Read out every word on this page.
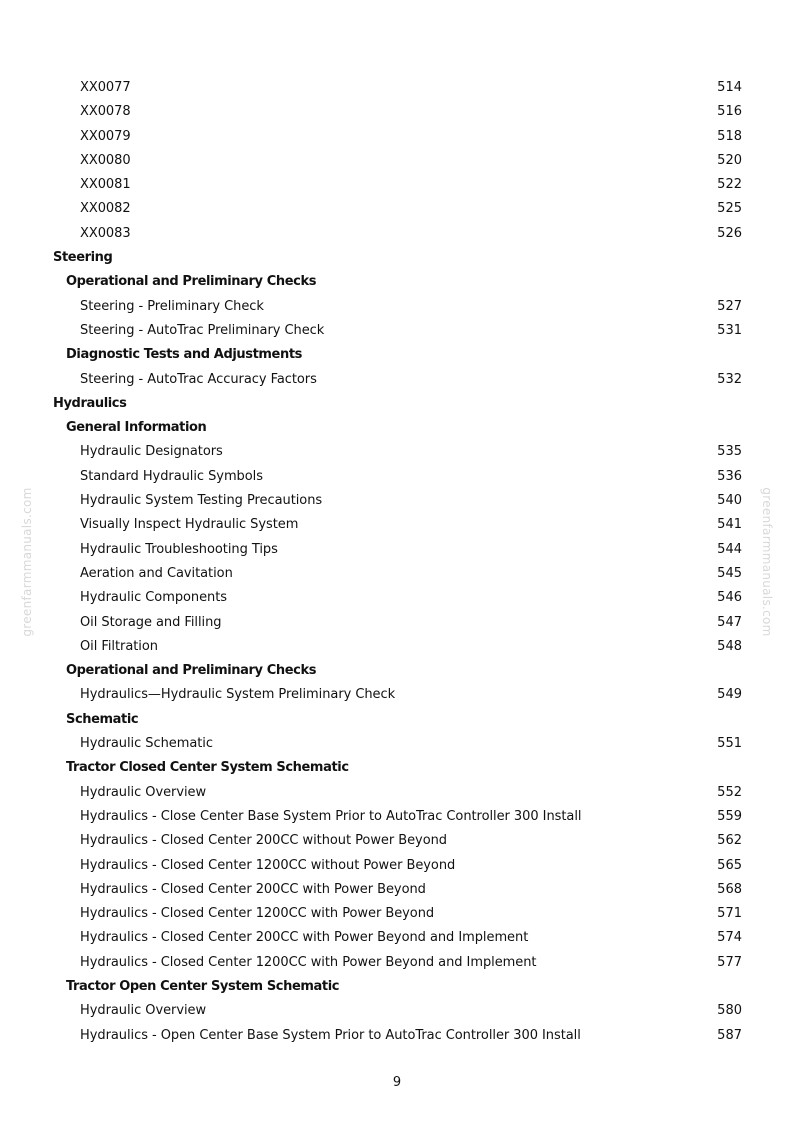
XX0077	514
XX0078	516
XX0079	518
XX0080	520
XX0081	522
XX0082	525
XX0083	526
Steering
Operational and Preliminary Checks
Steering - Preliminary Check	527
Steering - AutoTrac Preliminary Check	531
Diagnostic Tests and Adjustments
Steering - AutoTrac Accuracy Factors	532
Hydraulics
General Information
Hydraulic Designators	535
Standard Hydraulic Symbols	536
Hydraulic System Testing Precautions	540
Visually Inspect Hydraulic System	541
Hydraulic Troubleshooting Tips	544
Aeration and Cavitation	545
Hydraulic Components	546
Oil Storage and Filling	547
Oil Filtration	548
Operational and Preliminary Checks
Hydraulics—Hydraulic System Preliminary Check	549
Schematic
Hydraulic Schematic	551
Tractor Closed Center System Schematic
Hydraulic Overview	552
Hydraulics - Close Center Base System Prior to AutoTrac Controller 300 Install	559
Hydraulics - Closed Center 200CC without Power Beyond	562
Hydraulics - Closed Center 1200CC without Power Beyond	565
Hydraulics - Closed Center 200CC with Power Beyond	568
Hydraulics - Closed Center 1200CC with Power Beyond	571
Hydraulics - Closed Center 200CC with Power Beyond and Implement	574
Hydraulics - Closed Center 1200CC with Power Beyond and Implement	577
Tractor Open Center System Schematic
Hydraulic Overview	580
Hydraulics - Open Center Base System Prior to AutoTrac Controller 300 Install	587
greenfarmmanuals.com	greenfarmmanuals.com
9
